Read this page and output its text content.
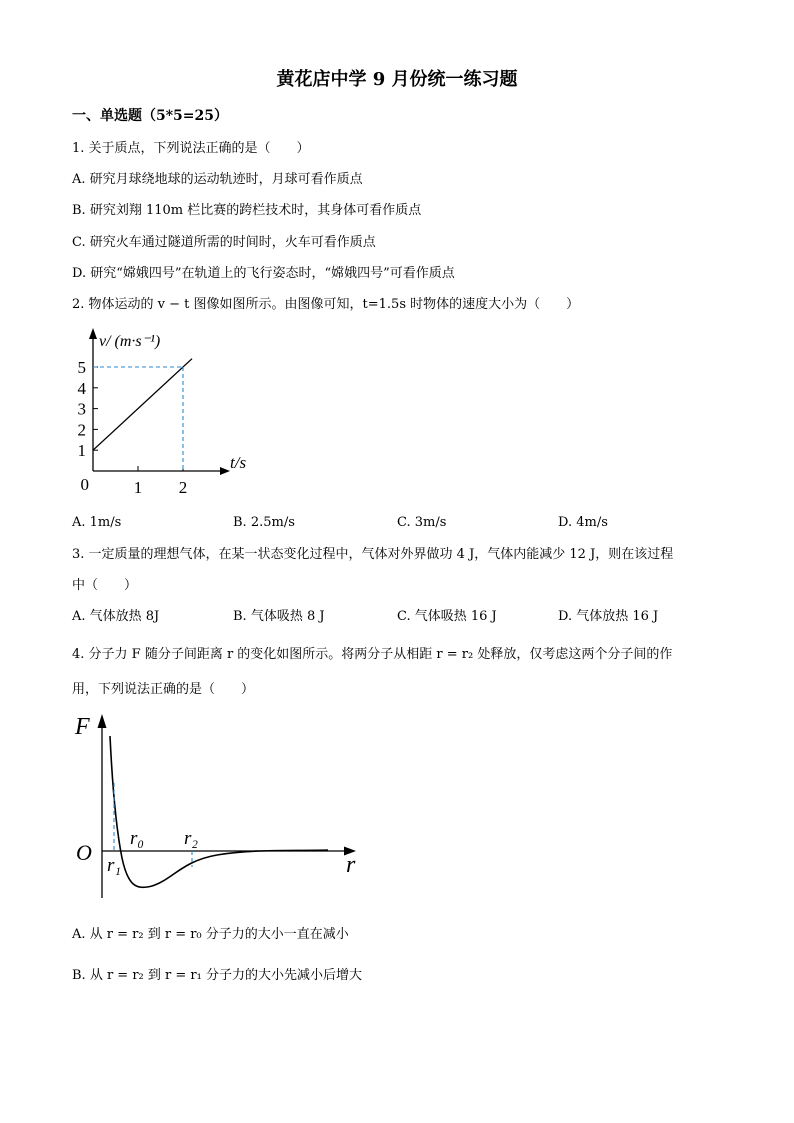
黄花店中学 9 月份统一练习题
一、单选题（5*5=25）
1. 关于质点，下列说法正确的是（　　）
A. 研究月球绕地球的运动轨迹时，月球可看作质点
B. 研究刘翔 110m 栏比赛的跨栏技术时，其身体可看作质点
C. 研究火车通过隧道所需的时间时，火车可看作质点
D. 研究“嫦娥四号”在轨道上的飞行姿态时，“嫦娥四号”可看作质点
2. 物体运动的 v − t 图像如图所示。由图像可知，t=1.5s 时物体的速度大小为（　　）
1
2
3
4
5
1 2
0
t/s
v/ (m·s⁻¹)
A. 1m/s	B. 2.5m/s	C. 3m/s	D. 4m/s
3. 一定质量的理想气体，在某一状态变化过程中，气体对外界做功 4 J，气体内能减少 12 J，则在该过程
中（　　）
A. 气体放热 8J	B. 气体吸热 8 J	C. 气体吸热 16 J	D. 气体放热 16 J
4. 分子力 F 随分子间距离 r 的变化如图所示。将两分子从相距 r = r₂ 处释放，仅考虑这两个分子间的作
用，下列说法正确的是（　　）
F
O	r
r₀
r₁
r₂
A. 从 r = r₂ 到 r = r₀ 分子力的大小一直在减小
B. 从 r = r₂ 到 r = r₁ 分子力的大小先减小后增大
